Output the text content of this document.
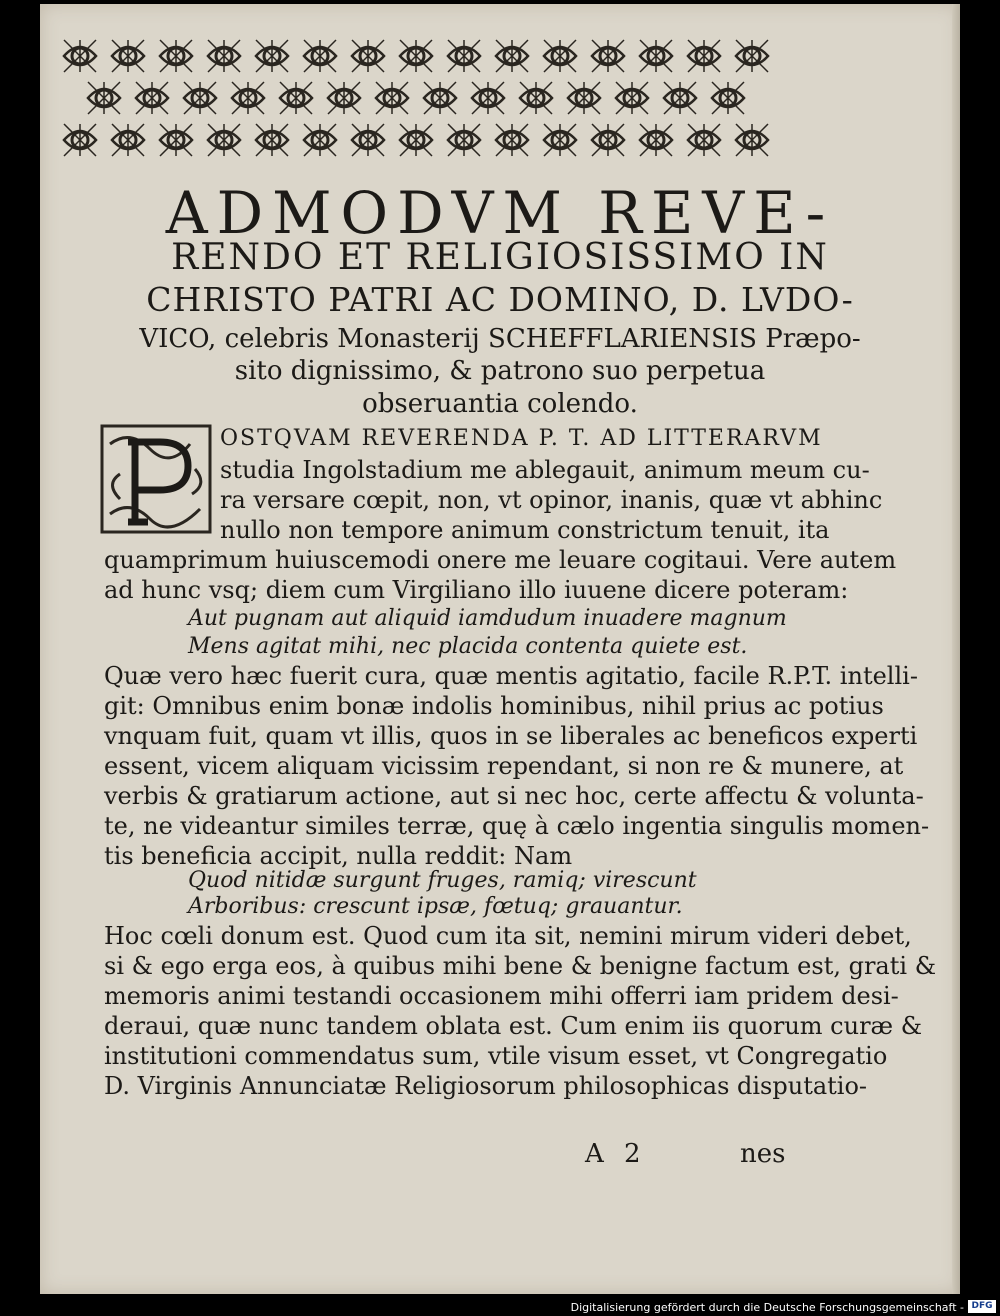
ADMODVM REVE-
RENDO ET RELIGIOSISSIMO IN
CHRISTO PATRI AC DOMINO, D. LVDO-
VICO, celebris Monasterij SCHEFFLARIENSIS Præpo-
sito dignissimo, & patrono suo perpetua
obseruantia colendo.
OSTQVAM REVERENDA P. T. AD LITTERARVM
studia Ingolstadium me ablegauit, animum meum cu-
ra versare cœpit, non, vt opinor, inanis, quæ vt abhinc
nullo non tempore animum constrictum tenuit, ita
quamprimum huiuscemodi onere me leuare cogitaui. Vere autem
ad hunc vsq; diem cum Virgiliano illo iuuene dicere poteram:
Aut pugnam aut aliquid iamdudum inuadere magnum
Mens agitat mihi, nec placida contenta quiete est.
Quæ vero hæc fuerit cura, quæ mentis agitatio, facile R.P.T. intelli-
git: Omnibus enim bonæ indolis hominibus, nihil prius ac potius
vnquam fuit, quam vt illis, quos in se liberales ac beneficos experti
essent, vicem aliquam vicissim rependant, si non re & munere, at
verbis & gratiarum actione, aut si nec hoc, certe affectu & volunta-
te, ne videantur similes terræ, quę à cælo ingentia singulis momen-
tis beneficia accipit, nulla reddit: Nam
Quod nitidæ surgunt fruges, ramiq; virescunt
Arboribus: crescunt ipsæ, fœtuq; grauantur.
Hoc cœli donum est. Quod cum ita sit, nemini mirum videri debet,
si & ego erga eos, à quibus mihi bene & benigne factum est, grati &
memoris animi testandi occasionem mihi offerri iam pridem desi-
deraui, quæ nunc tandem oblata est. Cum enim iis quorum curæ &
institutioni commendatus sum, vtile visum esset, vt Congregatio
D. Virginis Annunciatæ Religiosorum philosophicas disputatio-
A 2	nes
Digitalisierung gefördert durch die Deutsche Forschungsgemeinschaft - DFG
